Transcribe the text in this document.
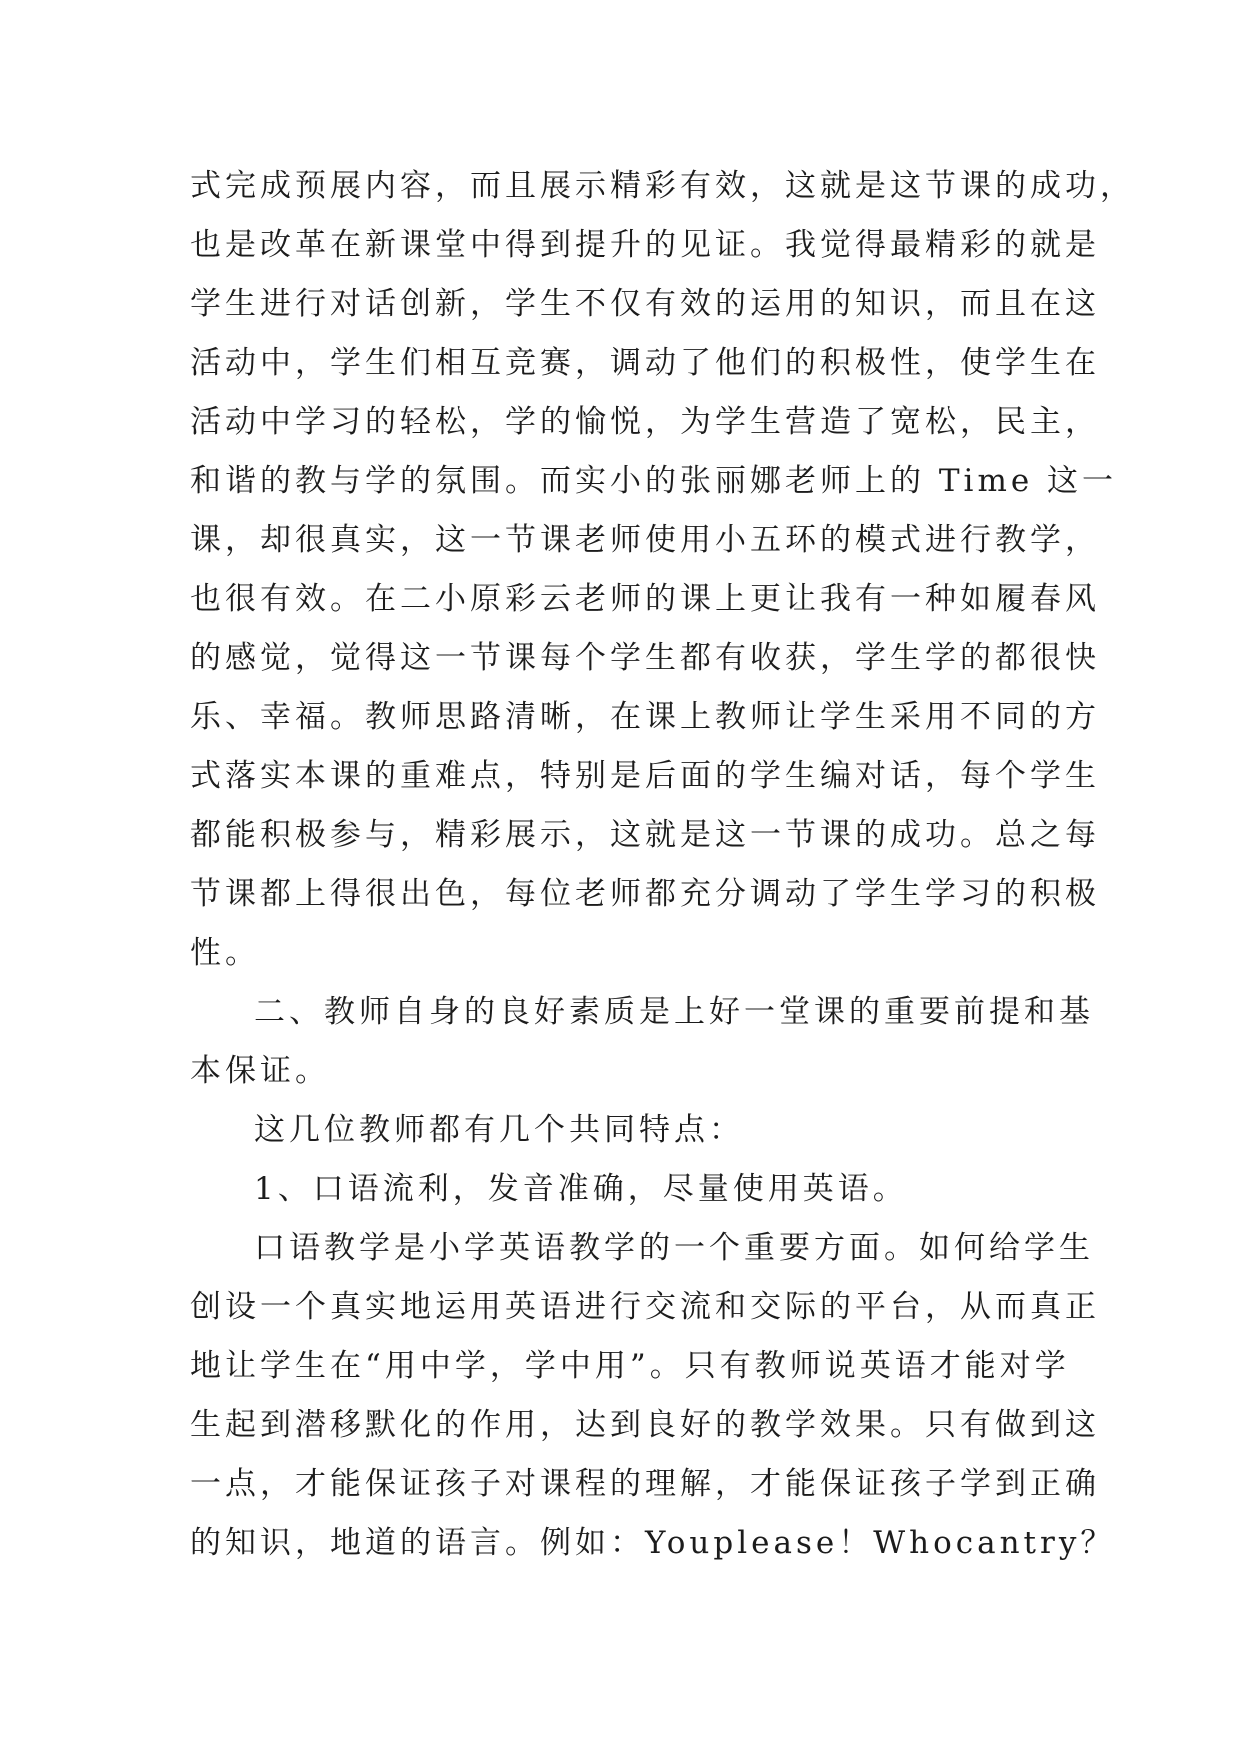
式完成预展内容，而且展示精彩有效，这就是这节课的成功，
也是改革在新课堂中得到提升的见证。我觉得最精彩的就是
学生进行对话创新，学生不仅有效的运用的知识，而且在这
活动中，学生们相互竞赛，调动了他们的积极性，使学生在
活动中学习的轻松，学的愉悦，为学生营造了宽松，民主，
和谐的教与学的氛围。而实小的张丽娜老师上的 Time 这一
课，却很真实，这一节课老师使用小五环的模式进行教学，
也很有效。在二小原彩云老师的课上更让我有一种如履春风
的感觉，觉得这一节课每个学生都有收获，学生学的都很快
乐、幸福。教师思路清晰，在课上教师让学生采用不同的方
式落实本课的重难点，特别是后面的学生编对话，每个学生
都能积极参与，精彩展示，这就是这一节课的成功。总之每
节课都上得很出色，每位老师都充分调动了学生学习的积极
性。
二、教师自身的良好素质是上好一堂课的重要前提和基
本保证。
这几位教师都有几个共同特点：
1、口语流利，发音准确，尽量使用英语。
口语教学是小学英语教学的一个重要方面。如何给学生
创设一个真实地运用英语进行交流和交际的平台，从而真正
地让学生在“用中学，学中用”。只有教师说英语才能对学
生起到潜移默化的作用，达到良好的教学效果。只有做到这
一点，才能保证孩子对课程的理解，才能保证孩子学到正确
的知识，地道的语言。例如：Youplease！Whocantry？
